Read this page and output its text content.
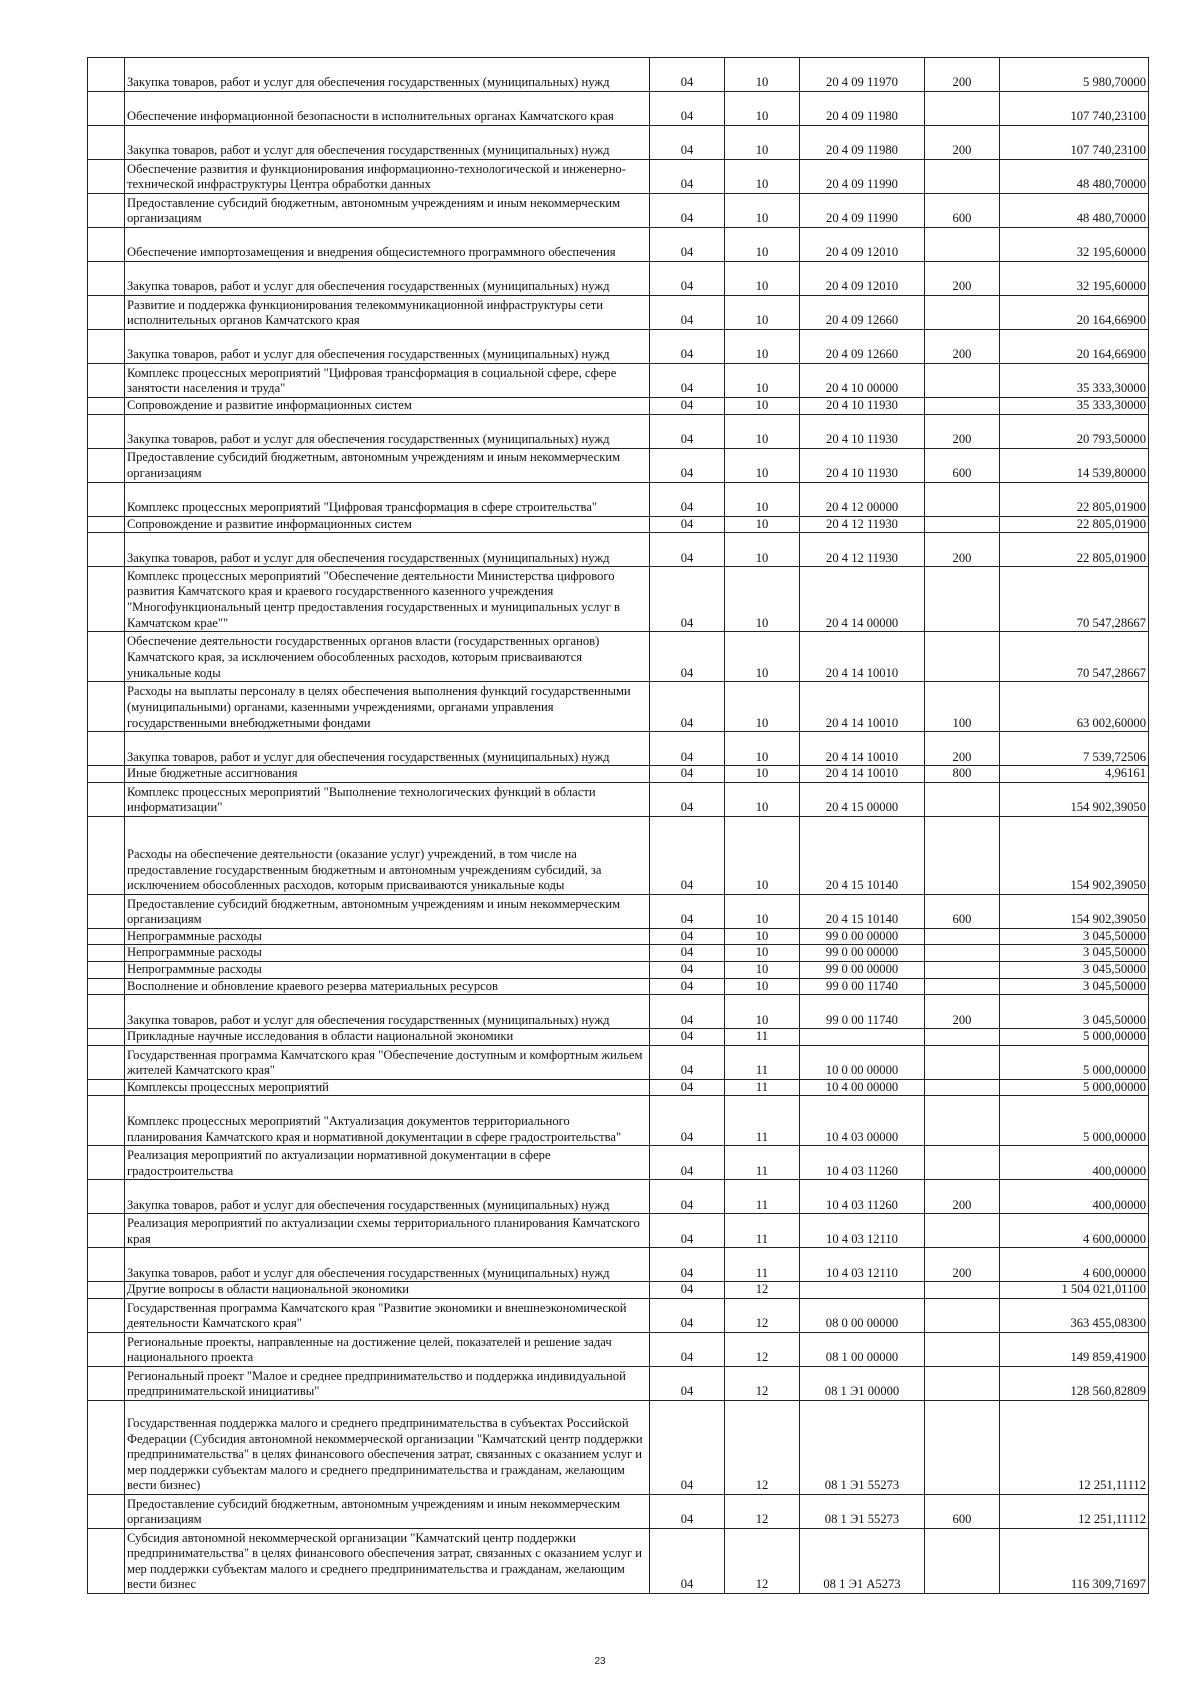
	Закупка товаров, работ и услуг для обеспечения государственных (муниципальных) нужд	04	10	20 4 09 11970	200	5 980,70000
	Обеспечение информационной безопасности в исполнительных органах Камчатского края	04	10	20 4 09 11980		107 740,23100
	Закупка товаров, работ и услуг для обеспечения государственных (муниципальных) нужд	04	10	20 4 09 11980	200	107 740,23100
	Обеспечение развития и функционирования информационно-технологической и инженерно-технической инфраструктуры Центра обработки данных	04	10	20 4 09 11990		48 480,70000
	Предоставление субсидий бюджетным, автономным учреждениям и иным некоммерческим организациям	04	10	20 4 09 11990	600	48 480,70000
	Обеспечение импортозамещения и внедрения общесистемного программного обеспечения	04	10	20 4 09 12010		32 195,60000
	Закупка товаров, работ и услуг для обеспечения государственных (муниципальных) нужд	04	10	20 4 09 12010	200	32 195,60000
	Развитие и поддержка функционирования телекоммуникационной инфраструктуры сети исполнительных органов Камчатского края	04	10	20 4 09 12660		20 164,66900
	Закупка товаров, работ и услуг для обеспечения государственных (муниципальных) нужд	04	10	20 4 09 12660	200	20 164,66900
	Комплекс процессных мероприятий "Цифровая трансформация в социальной сфере, сфере занятости населения и труда"	04	10	20 4 10 00000		35 333,30000
	Сопровождение и развитие информационных систем	04	10	20 4 10 11930		35 333,30000
	Закупка товаров, работ и услуг для обеспечения государственных (муниципальных) нужд	04	10	20 4 10 11930	200	20 793,50000
	Предоставление субсидий бюджетным, автономным учреждениям и иным некоммерческим организациям	04	10	20 4 10 11930	600	14 539,80000
	Комплекс процессных мероприятий "Цифровая трансформация в сфере строительства"	04	10	20 4 12 00000		22 805,01900
	Сопровождение и развитие информационных систем	04	10	20 4 12 11930		22 805,01900
	Закупка товаров, работ и услуг для обеспечения государственных (муниципальных) нужд	04	10	20 4 12 11930	200	22 805,01900
	Комплекс процессных мероприятий "Обеспечение деятельности Министерства цифрового развития Камчатского края и краевого государственного казенного учреждения "Многофункциональный центр предоставления государственных и муниципальных услуг в Камчатском крае""	04	10	20 4 14 00000		70 547,28667
	Обеспечение деятельности государственных органов власти (государственных органов) Камчатского края, за исключением обособленных расходов, которым присваиваются уникальные коды	04	10	20 4 14 10010		70 547,28667
	Расходы на выплаты персоналу в целях обеспечения выполнения функций государственными (муниципальными) органами, казенными учреждениями, органами управления государственными внебюджетными фондами	04	10	20 4 14 10010	100	63 002,60000
	Закупка товаров, работ и услуг для обеспечения государственных (муниципальных) нужд	04	10	20 4 14 10010	200	7 539,72506
	Иные бюджетные ассигнования	04	10	20 4 14 10010	800	4,96161
	Комплекс процессных мероприятий "Выполнение технологических функций в области информатизации"	04	10	20 4 15 00000		154 902,39050
	Расходы на обеспечение деятельности (оказание услуг) учреждений, в том числе на предоставление государственным бюджетным и автономным учреждениям субсидий, за исключением обособленных расходов, которым присваиваются уникальные коды	04	10	20 4 15 10140		154 902,39050
	Предоставление субсидий бюджетным, автономным учреждениям и иным некоммерческим организациям	04	10	20 4 15 10140	600	154 902,39050
	Непрограммные расходы	04	10	99 0 00 00000		3 045,50000
	Непрограммные расходы	04	10	99 0 00 00000		3 045,50000
	Непрограммные расходы	04	10	99 0 00 00000		3 045,50000
	Восполнение и обновление краевого резерва материальных ресурсов	04	10	99 0 00 11740		3 045,50000
	Закупка товаров, работ и услуг для обеспечения государственных (муниципальных) нужд	04	10	99 0 00 11740	200	3 045,50000
	Прикладные научные исследования в области национальной экономики	04	11			5 000,00000
	Государственная программа Камчатского края "Обеспечение доступным и комфортным жильем жителей Камчатского края"	04	11	10 0 00 00000		5 000,00000
	Комплексы процессных мероприятий	04	11	10 4 00 00000		5 000,00000
	Комплекс процессных мероприятий "Актуализация документов территориального планирования Камчатского края и нормативной документации в сфере градостроительства"	04	11	10 4 03 00000		5 000,00000
	Реализация мероприятий по актуализации нормативной документации в сфере градостроительства	04	11	10 4 03 11260		400,00000
	Закупка товаров, работ и услуг для обеспечения государственных (муниципальных) нужд	04	11	10 4 03 11260	200	400,00000
	Реализация мероприятий по актуализации схемы территориального планирования Камчатского края	04	11	10 4 03 12110		4 600,00000
	Закупка товаров, работ и услуг для обеспечения государственных (муниципальных) нужд	04	11	10 4 03 12110	200	4 600,00000
	Другие вопросы в области национальной экономики	04	12			1 504 021,01100
	Государственная программа Камчатского края "Развитие экономики и внешнеэкономической деятельности Камчатского края"	04	12	08 0 00 00000		363 455,08300
	Региональные проекты, направленные на достижение целей, показателей и решение задач национального проекта	04	12	08 1 00 00000		149 859,41900
	Региональный проект "Малое и среднее предпринимательство и поддержка индивидуальной предпринимательской инициативы"	04	12	08 1 Э1 00000		128 560,82809
	Государственная поддержка малого и среднего предпринимательства в субъектах Российской Федерации (Субсидия автономной некоммерческой организации "Камчатский центр поддержки предпринимательства" в целях финансового обеспечения затрат, связанных с оказанием услуг и мер поддержки субъектам малого и среднего предпринимательства и гражданам, желающим вести бизнес)	04	12	08 1 Э1 55273		12 251,11112
	Предоставление субсидий бюджетным, автономным учреждениям и иным некоммерческим организациям	04	12	08 1 Э1 55273	600	12 251,11112
	Субсидия автономной некоммерческой организации "Камчатский центр поддержки предпринимательства" в целях финансового обеспечения затрат, связанных с оказанием услуг и мер поддержки субъектам малого и среднего предпринимательства и гражданам, желающим вести бизнес	04	12	08 1 Э1 A5273		116 309,71697
23
